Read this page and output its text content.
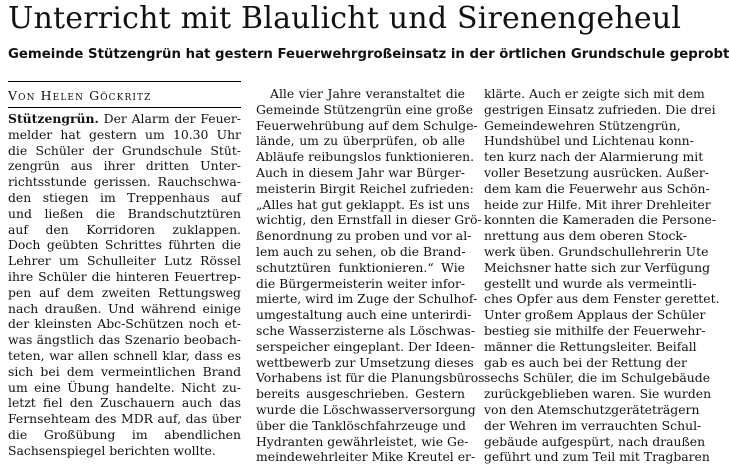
Unterricht mit Blaulicht und Sirenengeheul
Gemeinde Stützengrün hat gestern Feuerwehrgroßeinsatz in der örtlichen Grundschule geprobt
Von Helen Göckritz
Stützengrün. Der Alarm der Feuer-
melder hat gestern um 10.30 Uhr
die Schüler der Grundschule Stüt-
zengrün aus ihrer dritten Unter-
richtsstunde gerissen. Rauchschwa-
den stiegen im Treppenhaus auf
und ließen die Brandschutztüren
auf den Korridoren zuklappen.
Doch geübten Schrittes führten die
Lehrer um Schulleiter Lutz Rössel
ihre Schüler die hinteren Feuertrep-
pen auf dem zweiten Rettungsweg
nach draußen. Und während einige
der kleinsten Abc-Schützen noch et-
was ängstlich das Szenario beobach-
teten, war allen schnell klar, dass es
sich bei dem vermeintlichen Brand
um eine Übung handelte. Nicht zu-
letzt fiel den Zuschauern auch das
Fernsehteam des MDR auf, das über
die Großübung im abendlichen
Sachsenspiegel berichten wollte.
Alle vier Jahre veranstaltet die
Gemeinde Stützengrün eine große
Feuerwehrübung auf dem Schulge-
lände, um zu überprüfen, ob alle
Abläufe reibungslos funktionieren.
Auch in diesem Jahr war Bürger-
meisterin Birgit Reichel zufrieden:
„Alles hat gut geklappt. Es ist uns
wichtig, den Ernstfall in dieser Grö-
ßenordnung zu proben und vor al-
lem auch zu sehen, ob die Brand-
schutztüren funktionieren.“ Wie
die Bürgermeisterin weiter infor-
mierte, wird im Zuge der Schulhof-
umgestaltung auch eine unterirdi-
sche Wasserzisterne als Löschwas-
serspeicher eingeplant. Der Ideen-
wettbewerb zur Umsetzung dieses
Vorhabens ist für die Planungsbüros
bereits ausgeschrieben. Gestern
wurde die Löschwasserversorgung
über die Tanklöschfahrzeuge und
Hydranten gewährleistet, wie Ge-
meindewehrleiter Mike Kreutel er-
klärte. Auch er zeigte sich mit dem
gestrigen Einsatz zufrieden. Die drei
Gemeindewehren Stützengrün,
Hundshübel und Lichtenau konn-
ten kurz nach der Alarmierung mit
voller Besetzung ausrücken. Außer-
dem kam die Feuerwehr aus Schön-
heide zur Hilfe. Mit ihrer Drehleiter
konnten die Kameraden die Persone-
nrettung aus dem oberen Stock-
werk üben. Grundschullehrerin Ute
Meichsner hatte sich zur Verfügung
gestellt und wurde als vermeintli-
ches Opfer aus dem Fenster gerettet.
Unter großem Applaus der Schüler
bestieg sie mithilfe der Feuerwehr-
männer die Rettungsleiter. Beifall
gab es auch bei der Rettung der
sechs Schüler, die im Schulgebäude
zurückgeblieben waren. Sie wurden
von den Atemschutzgeräteträgern
der Wehren im verrauchten Schul-
gebäude aufgespürt, nach draußen
geführt und zum Teil mit Tragbaren
